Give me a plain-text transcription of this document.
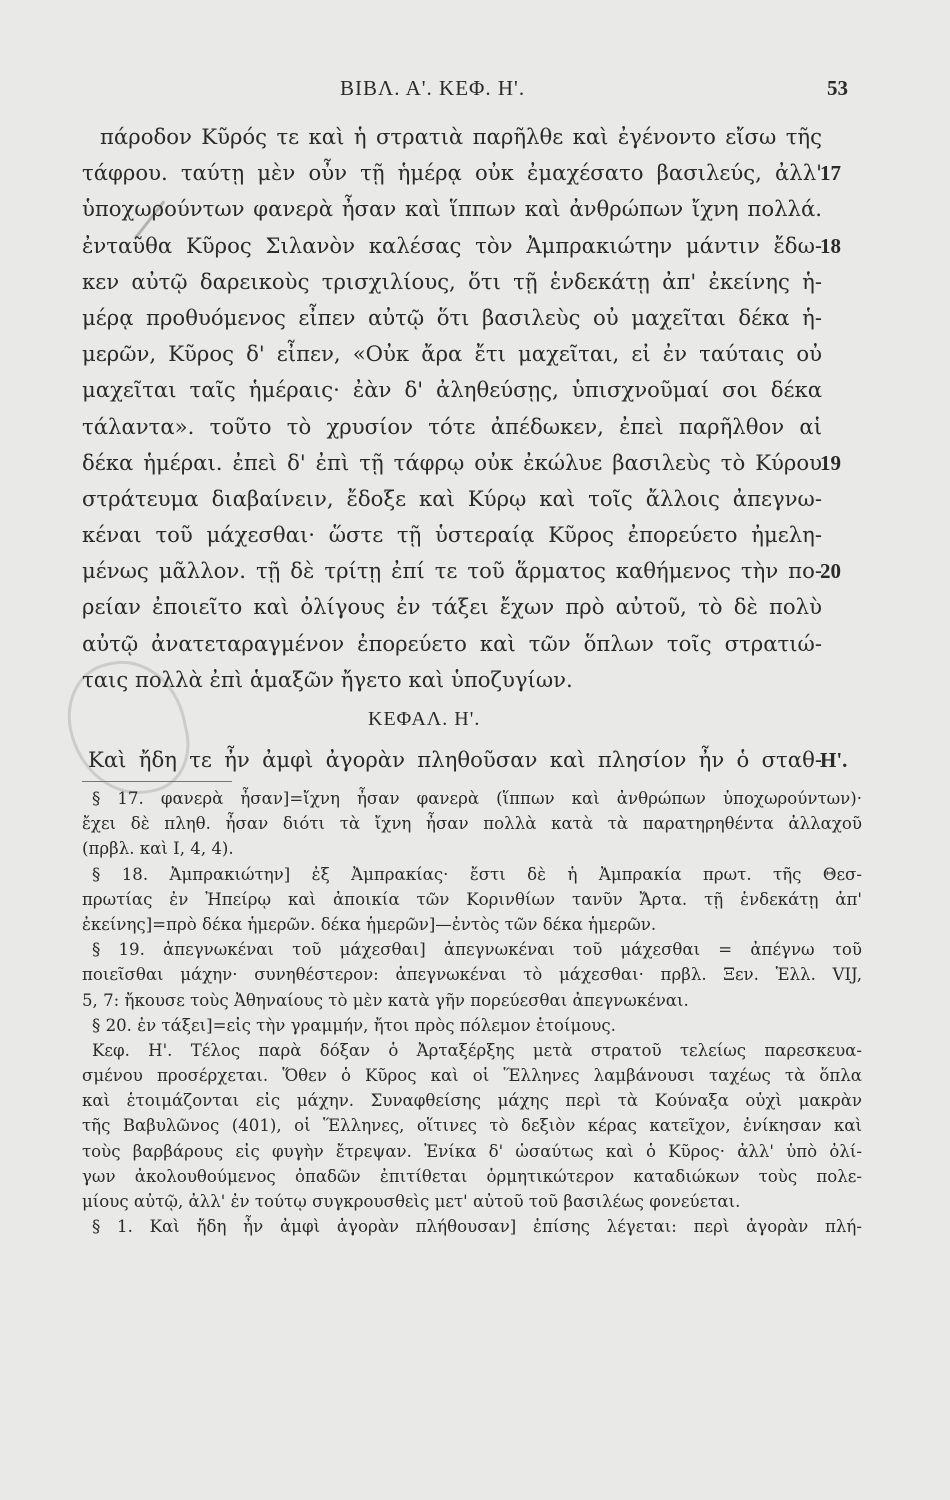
ΒΙΒΛ. Α'. ΚΕΦ. Η'.	53
πάροδον Κῦρός τε καὶ ἡ στρατιὰ παρῆλθε καὶ ἐγένοντο εἴσω τῆς
τάφρου. ταύτῃ μὲν οὖν τῇ ἡμέρᾳ οὐκ ἐμαχέσατο βασιλεύς, ἀλλ'
ὑποχωρούντων φανερὰ ἦσαν καὶ ἵππων καὶ ἀνθρώπων ἴχνη πολλά.
ἐνταῦθα Κῦρος Σιλανὸν καλέσας τὸν Ἀμπρακιώτην μάντιν ἔδω-
κεν αὐτῷ δαρεικοὺς τρισχιλίους, ὅτι τῇ ἑνδεκάτῃ ἀπ' ἐκείνης ἡ-
μέρᾳ προθυόμενος εἶπεν αὐτῷ ὅτι βασιλεὺς οὐ μαχεῖται δέκα ἡ-
μερῶν, Κῦρος δ' εἶπεν, «Οὐκ ἄρα ἔτι μαχεῖται, εἰ ἐν ταύταις οὐ
μαχεῖται ταῖς ἡμέραις· ἐὰν δ' ἀληθεύσῃς, ὑπισχνοῦμαί σοι δέκα
τάλαντα». τοῦτο τὸ χρυσίον τότε ἀπέδωκεν, ἐπεὶ παρῆλθον αἱ
δέκα ἡμέραι. ἐπεὶ δ' ἐπὶ τῇ τάφρῳ οὐκ ἐκώλυε βασιλεὺς τὸ Κύρου
στράτευμα διαβαίνειν, ἔδοξε καὶ Κύρῳ καὶ τοῖς ἄλλοις ἀπεγνω-
κέναι τοῦ μάχεσθαι· ὥστε τῇ ὑστεραίᾳ Κῦρος ἐπορεύετο ἠμελη-
μένως μᾶλλον. τῇ δὲ τρίτῃ ἐπί τε τοῦ ἅρματος καθήμενος τὴν πο-
ρείαν ἐποιεῖτο καὶ ὀλίγους ἐν τάξει ἔχων πρὸ αὐτοῦ, τὸ δὲ πολὺ
αὐτῷ ἀνατεταραγμένον ἐπορεύετο καὶ τῶν ὅπλων τοῖς στρατιώ-
ταις πολλὰ ἐπὶ ἁμαξῶν ἤγετο καὶ ὑποζυγίων.
17
18
19
20
ΚΕΦΑΛ. Η'.
Καὶ ἤδη τε ἦν ἀμφὶ ἀγορὰν πληθοῦσαν καὶ πλησίον ἦν ὁ σταθ-
Η'.
§ 17. φανερὰ ἦσαν]=ἴχνη ἦσαν φανερὰ (ἵππων καὶ ἀνθρώπων ὑποχωρούντων)·
ἔχει δὲ πληθ. ἦσαν διότι τὰ ἴχνη ἦσαν πολλὰ κατὰ τὰ παρατηρηθέντα ἀλλαχοῦ
(πρβλ. καὶ I, 4, 4).
§ 18. Ἀμπρακιώτην] ἐξ Ἀμπρακίας· ἔστι δὲ ἡ Ἀμπρακία πρωτ. τῆς Θεσ-
πρωτίας ἐν Ἠπείρῳ καὶ ἀποικία τῶν Κορινθίων τανῦν Ἄρτα. τῇ ἑνδεκάτῃ ἀπ'
ἐκείνης]=πρὸ δέκα ἡμερῶν. δέκα ἡμερῶν]—ἐντὸς τῶν δέκα ἡμερῶν.
§ 19. ἀπεγνωκέναι τοῦ μάχεσθαι] ἀπεγνωκέναι τοῦ μάχεσθαι = ἀπέγνω τοῦ
ποιεῖσθαι μάχην· συνηθέστερον: ἀπεγνωκέναι τὸ μάχεσθαι· πρβλ. Ξεν. Ἑλλ. VIJ,
5, 7: ἤκουσε τοὺς Ἀθηναίους τὸ μὲν κατὰ γῆν πορεύεσθαι ἀπεγνωκέναι.
§ 20. ἐν τάξει]=εἰς τὴν γραμμήν, ἤτοι πρὸς πόλεμον ἑτοίμους.
Κεφ. Η'. Τέλος παρὰ δόξαν ὁ Ἀρταξέρξης μετὰ στρατοῦ τελείως παρεσκευα-
σμένου προσέρχεται. Ὅθεν ὁ Κῦρος καὶ οἱ Ἕλληνες λαμβάνουσι ταχέως τὰ ὅπλα
καὶ ἑτοιμάζονται εἰς μάχην. Συναφθείσης μάχης περὶ τὰ Κούναξα οὐχὶ μακρὰν
τῆς Βαβυλῶνος (401), οἱ Ἕλληνες, οἵτινες τὸ δεξιὸν κέρας κατεῖχον, ἐνίκησαν καὶ
τοὺς βαρβάρους εἰς φυγὴν ἔτρεψαν. Ἐνίκα δ' ὡσαύτως καὶ ὁ Κῦρος· ἀλλ' ὑπὸ ὀλί-
γων ἀκολουθούμενος ὀπαδῶν ἐπιτίθεται ὁρμητικώτερον καταδιώκων τοὺς πολε-
μίους αὐτῷ, ἀλλ' ἐν τούτῳ συγκρουσθεὶς μετ' αὐτοῦ τοῦ βασιλέως φονεύεται.
§ 1. Καὶ ἤδη ἦν ἀμφὶ ἀγορὰν πλήθουσαν] ἐπίσης λέγεται: περὶ ἀγορὰν πλή-
